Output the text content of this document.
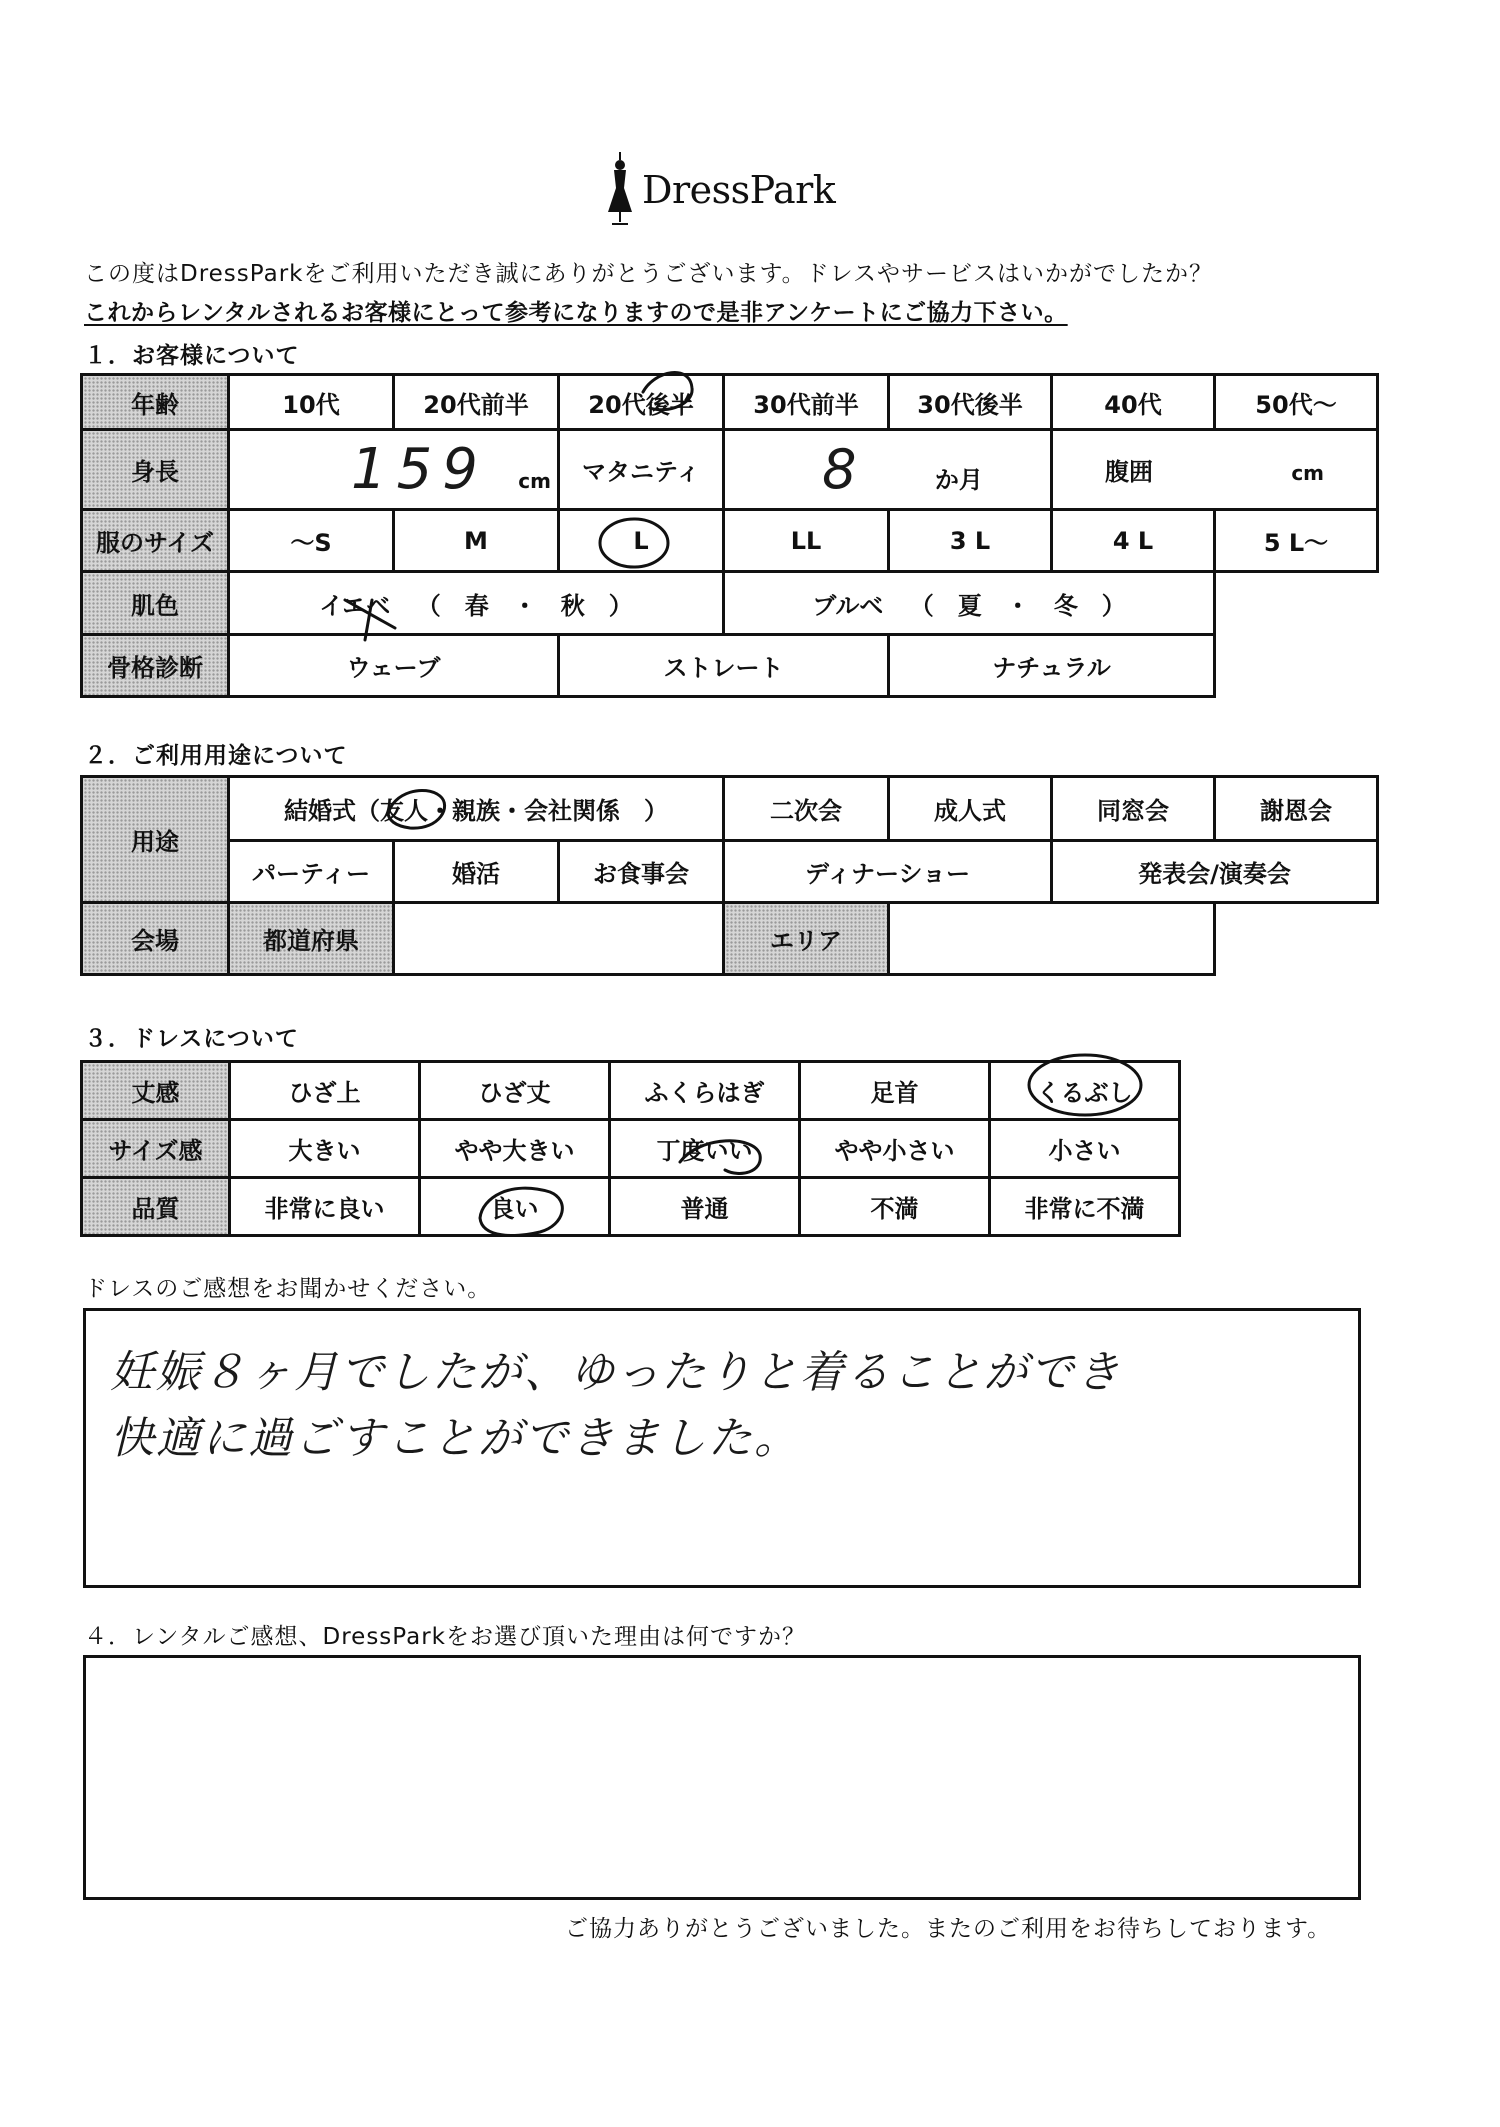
DressPark
この度はDressParkをご利用いただき誠にありがとうございます。ドレスやサービスはいかがでしたか？
これからレンタルされるお客様にとって参考になりますので是非アンケートにご協力下さい。
１．お客様について
年齢	10代	20代前半	20代後半	30代前半	30代後半	40代	50代～
身長	159 cm		マタニティ	8 か月		腹囲 cm	
服のサイズ	～S	M	L	LL	3 L	4 L	5 L～
肌色	イエベ （　春　・　秋　）			ブルベ （　夏　・　冬　）			
骨格診断	ウェーブ		ストレート		ナチュラル		
２．ご利用用途について
用途	結婚式（友人・親族・会社関係　）			二次会	成人式	同窓会	謝恩会
	パーティー	婚活	お食事会	ディナーショー		発表会/演奏会	
会場	都道府県			エリア			
３．ドレスについて
丈感	ひざ上	ひざ丈	ふくらはぎ	足首	くるぶし
サイズ感	大きい	やや大きい	丁度いい	やや小さい	小さい
品質	非常に良い	良い	普通	不満	非常に不満
ドレスのご感想をお聞かせください。
妊娠８ヶ月でしたが、ゆったりと着ることができ
快適に過ごすことができました。
４．レンタルご感想、DressParkをお選び頂いた理由は何ですか？
ご協力ありがとうございました。またのご利用をお待ちしております。
